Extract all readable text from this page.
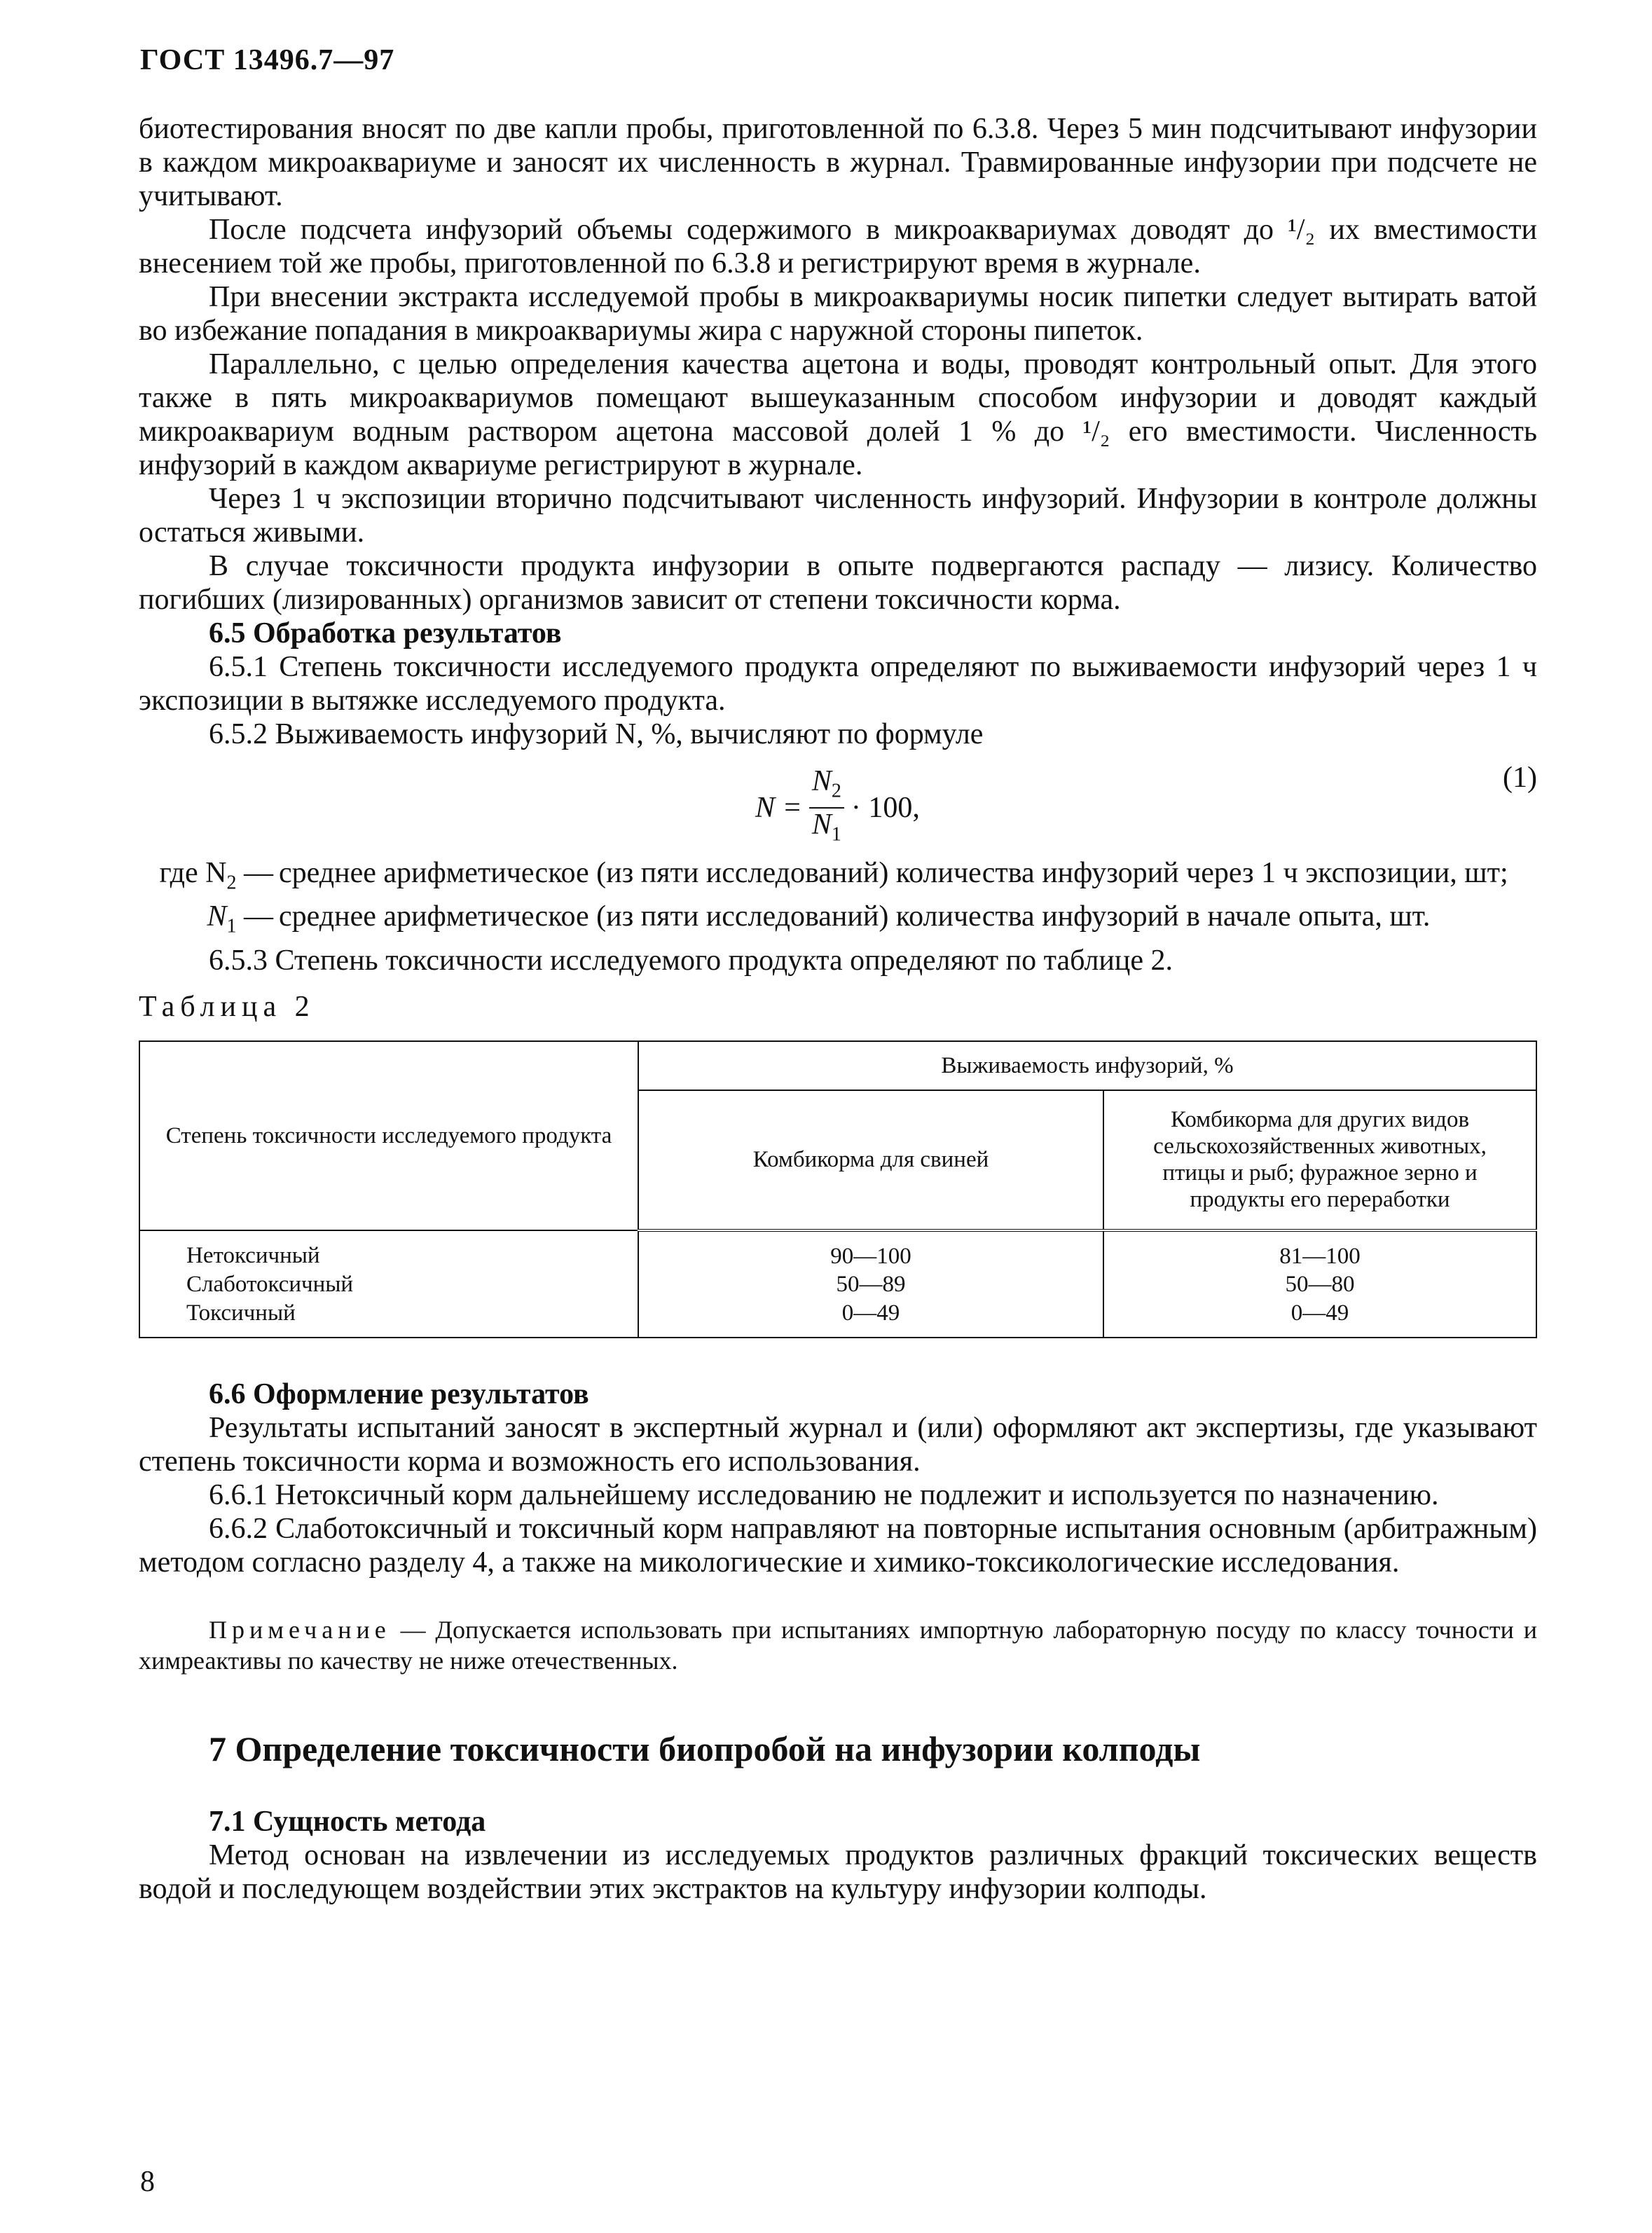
ГОСТ 13496.7—97

биотестирования вносят по две капли пробы, приготовленной по 6.3.8. Через 5 мин подсчитывают инфузории в каждом микроаквариуме и заносят их численность в журнал. Травмированные инфузории при подсчете не учитывают.

После подсчета инфузорий объемы содержимого в микроаквариумах доводят до ¹/₂ их вместимости внесением той же пробы, приготовленной по 6.3.8 и регистрируют время в журнале.

При внесении экстракта исследуемой пробы в микроаквариумы носик пипетки следует вытирать ватой во избежание попадания в микроаквариумы жира с наружной стороны пипеток.

Параллельно, с целью определения качества ацетона и воды, проводят контрольный опыт. Для этого также в пять микроаквариумов помещают вышеуказанным способом инфузории и доводят каждый микроаквариум водным раствором ацетона массовой долей 1 % до ¹/₂ его вместимости. Численность инфузорий в каждом аквариуме регистрируют в журнале.

Через 1 ч экспозиции вторично подсчитывают численность инфузорий. Инфузории в контроле должны остаться живыми.

В случае токсичности продукта инфузории в опыте подвергаются распаду — лизису. Количество погибших (лизированных) организмов зависит от степени токсичности корма.

6.5 Обработка результатов

6.5.1 Степень токсичности исследуемого продукта определяют по выживаемости инфузорий через 1 ч экспозиции в вытяжке исследуемого продукта.

6.5.2 Выживаемость инфузорий N, %, вычисляют по формуле

$N = \frac{N_2}{N_1} \cdot 100$,
(1)
где $N_2$ — среднее арифметическое (из пяти исследований) количества инфузорий через 1 ч экспозиции, шт;
$N_1$ — среднее арифметическое (из пяти исследований) количества инфузорий в начале опыта, шт.

6.5.3 Степень токсичности исследуемого продукта определяют по таблице 2.

Таблица 2

Степень токсичности исследуемого продукта	Выживаемость инфузорий, %	
	Комбикорма для свиней	Комбикорма для других видов сельскохозяйственных животных, птицы и рыб; фуражное зерно и продукты его переработки
Нетоксичный	90—100	81—100
Слаботоксичный	50—89	50—80
Токсичный	0—49	0—49

6.6 Оформление результатов

Результаты испытаний заносят в экспертный журнал и (или) оформляют акт экспертизы, где указывают степень токсичности корма и возможность его использования.

6.6.1 Нетоксичный корм дальнейшему исследованию не подлежит и используется по назначению.

6.6.2 Слаботоксичный и токсичный корм направляют на повторные испытания основным (арбитражным) методом согласно разделу 4, а также на микологические и химико-токсикологические исследования.

Примечание — Допускается использовать при испытаниях импортную лабораторную посуду по классу точности и химреактивы по качеству не ниже отечественных.

7 Определение токсичности биопробой на инфузории колподы

7.1 Сущность метода

Метод основан на извлечении из исследуемых продуктов различных фракций токсических веществ водой и последующем воздействии этих экстрактов на культуру инфузории колподы.

8
